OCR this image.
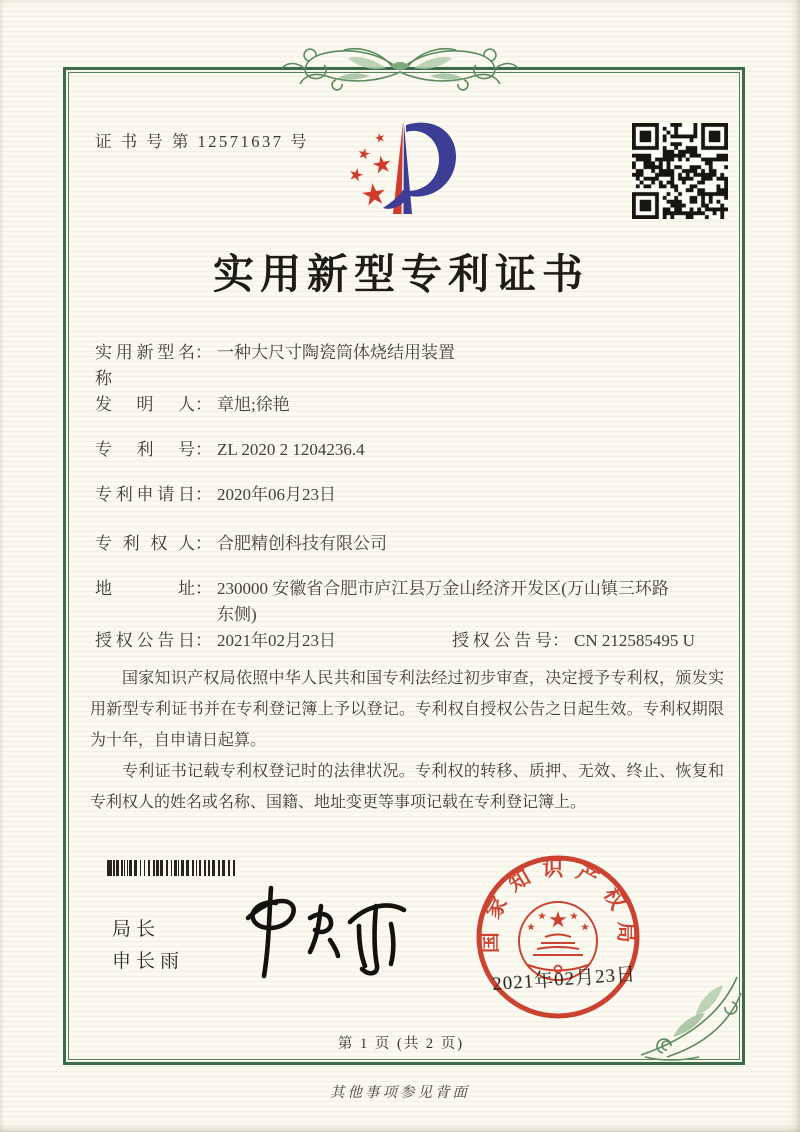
证 书 号 第 12571637 号
实用新型专利证书
实用新型名称
： 一种大尺寸陶瓷筒体烧结用装置
发明人 ： 章旭;徐艳
专利号 ： ZL 2020 2 1204236.4
专利申请日 ： 2020年06月23日
专利权人 ： 合肥精创科技有限公司
地址 ： 230000 安徽省合肥市庐江县万金山经济开发区(万山镇三环路东侧)
授权公告日 ： 2021年02月23日	授权公告号 ： CN 212585495 U

国家知识产权局依照中华人民共和国专利法经过初步审查，决定授予专利权，颁发实用新型专利证书并在专利登记簿上予以登记。专利权自授权公告之日起生效。专利权期限为十年，自申请日起算。

专利证书记载专利权登记时的法律状况。专利权的转移、质押、无效、终止、恢复和专利权人的姓名或名称、国籍、地址变更等事项记载在专利登记簿上。

局长
申长雨
国家知识产权局
2021年02月23日
第 1 页 (共 2 页)
其他事项参见背面
